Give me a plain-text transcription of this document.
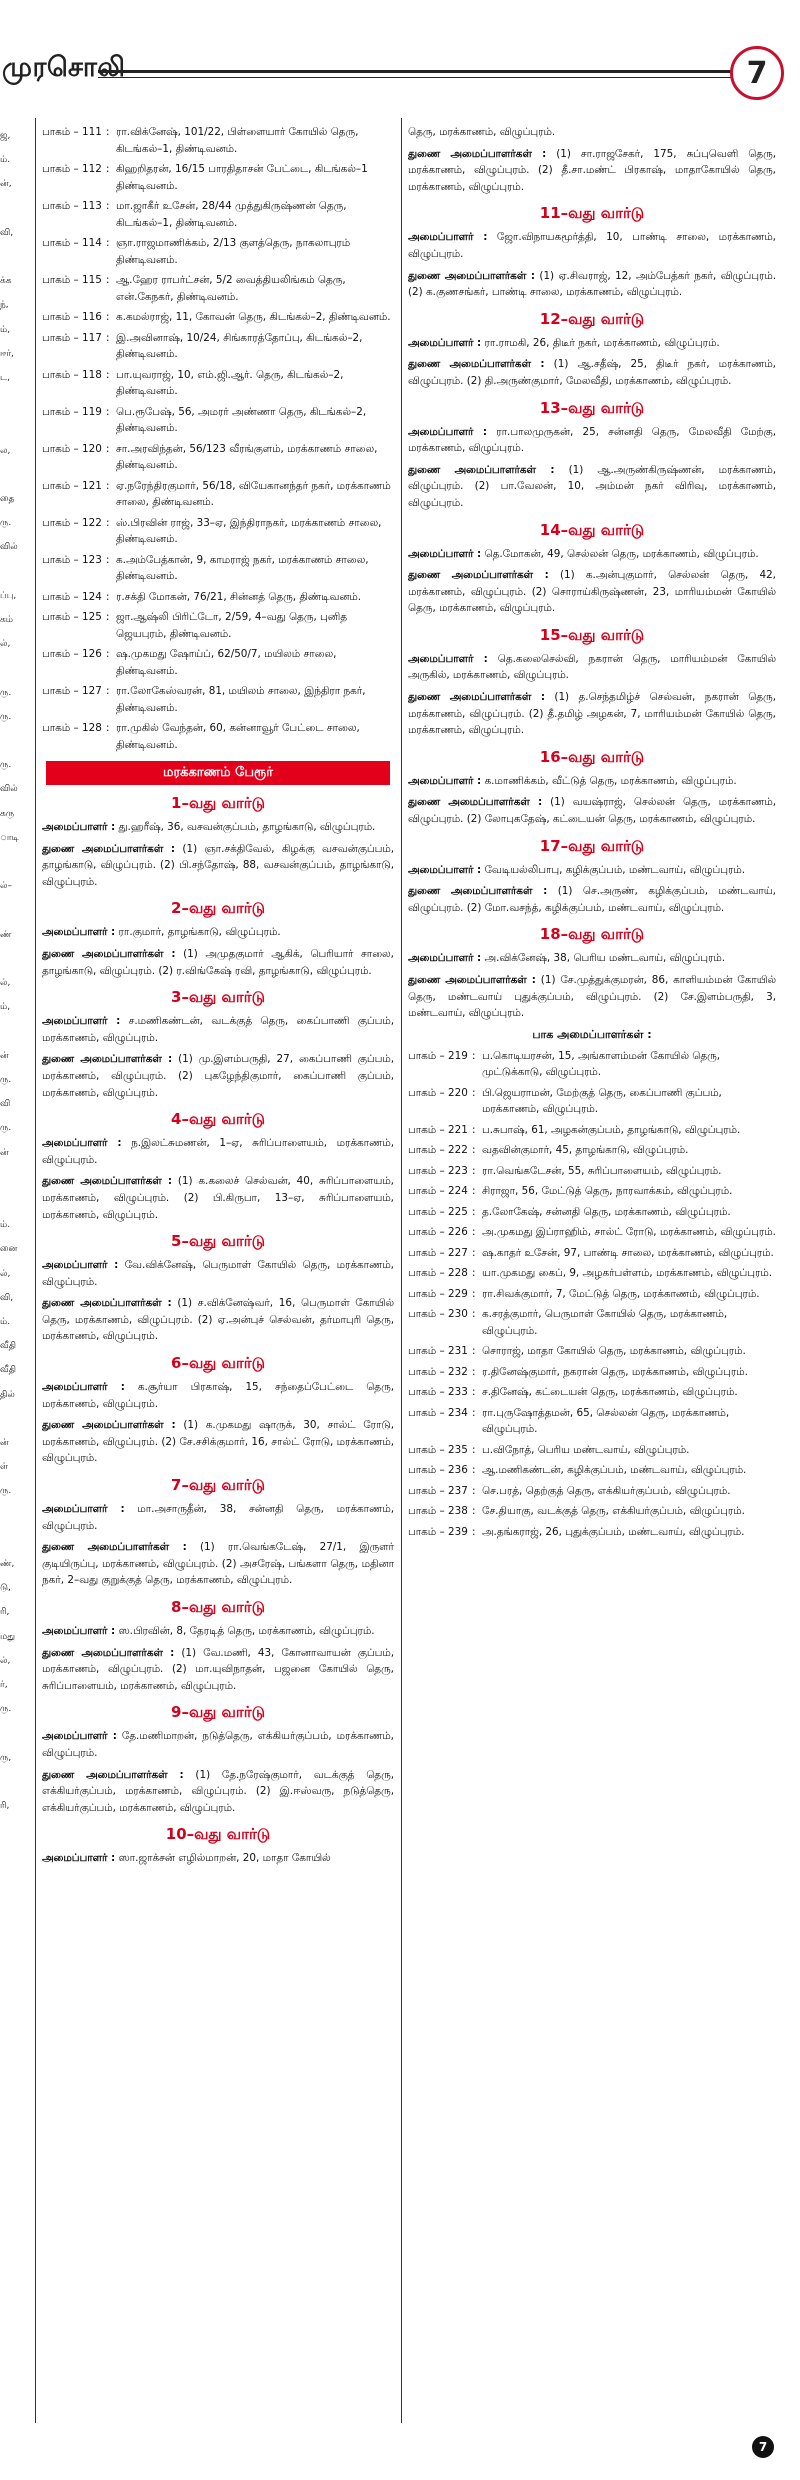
முரசொலி	7
ஜ,
ம்.
ன்,

வி,

க்க
ந்,
ம்,
ஈர்,
ட,

ல,

தை
ரு.
வில்

ப்பு,
கம்
ல்,

ரு.
ரு.

ரு.
வில்
கரு
ாடி

ல்–

ண்

ல்,
ம்,

ன்
ரு.
வி
ரு.
ன்

ம்.
னை
ல்,
வி,
ம்.
வீதி
வீதி
தில்

ன்
ள்
ரு.

ண்,
டு,
ரி,
மது
ல்,
ர்,
ரு.

ரு,

ரி,
பாகம் – 111 : ரா.விக்னேஷ், 101/22, பிள்ளையார் கோயில் தெரு, கிடங்கல்–1, திண்டிவனம்.
பாகம் – 112 : கிஹறிதரன், 16/15 பாரதிதாசன் பேட்டை, கிடங்கல்–1 திண்டிவனம்.
பாகம் – 113 : மா.ஜாகீர் உசேன், 28/44 முத்துகிருஷ்ணன் தெரு, கிடங்கல்–1, திண்டிவனம்.
பாகம் – 114 : ஞா.ராஜமாணிக்கம், 2/13 குளத்தெரு, நாகலாபுரம் திண்டிவனம்.
பாகம் – 115 : ஆ.ஹேர ராபர்ட்சன், 5/2 வைத்தியலிங்கம் தெரு, என்.கேநகர், திண்டிவனம்.
பாகம் – 116 : க.கமல்ராஜ், 11, கோவன் தெரு, கிடங்கல்–2, திண்டிவனம்.
பாகம் – 117 : இ.அவினாஷ், 10/24, சிங்காரத்தோப்பு, கிடங்கல்–2, திண்டிவனம்.
பாகம் – 118 : பா.யுவராஜ், 10, எம்.ஜி.ஆர். தெரு, கிடங்கல்–2, திண்டிவனம்.
பாகம் – 119 : பெ.ரூபேஷ், 56, அமரர் அண்ணா தெரு, கிடங்கல்–2, திண்டிவனம்.
பாகம் – 120 : சா.அரவிந்தன், 56/123 வீரங்குளம், மரக்காணம் சாலை, திண்டிவனம்.
பாகம் – 121 : ஏ.நரேந்திரகுமார், 56/18, வியேகானந்தர் நகர், மரக்காணம் சாலை, திண்டிவனம்.
பாகம் – 122 : ஸ்.பிரவின் ராஜ், 33–ஏ, இந்திராநகர், மரக்காணம் சாலை, திண்டிவனம்.
பாகம் – 123 : க.அம்பேத்கான், 9, காமராஜ் நகர், மரக்காணம் சாலை, திண்டிவனம்.
பாகம் – 124 : ர.சக்தி மோகன், 76/21, சின்னத் தெரு, திண்டிவனம்.
பாகம் – 125 : ஜா.ஆஷ்லி பிரிட்டோ, 2/59, 4–வது தெரு, புனித ஜெயபுரம், திண்டிவனம்.
பாகம் – 126 : ஷ.முகமது ஷோய்ப், 62/50/7, மயிலம் சாலை, திண்டிவனம்.
பாகம் – 127 : ரா.லோகேஸ்வரன், 81, மயிலம் சாலை, இந்திரா நகர், திண்டிவனம்.
பாகம் – 128 : ரா.முகில் வேந்தன், 60, கன்னாவூர் பேட்டை சாலை, திண்டிவனம்.
மரக்காணம் பேரூர்
1–வது வார்டு

அமைப்பாளர் : து.ஹரீஷ், 36, வசவன்குப்பம், தாழங்காடு, விழுப்புரம்.

துணை அமைப்பாளர்கள் : (1) ஞா.சக்திவேல், கிழக்கு வசவன்குப்பம், தாழங்காடு, விழுப்புரம். (2) பி.சந்தோஷ், 88, வசவன்குப்பம், தாழங்காடு, விழுப்புரம்.

2–வது வார்டு

அமைப்பாளர் : ரா.குமார், தாழங்காடு, விழுப்புரம்.

துணை அமைப்பாளர்கள் : (1) அமுதகுமார் ஆகிக், பெரியார் சாலை, தாழங்காடு, விழுப்புரம். (2) ர.விங்கேஷ் ரவி, தாழங்காடு, விழுப்புரம்.

3–வது வார்டு

அமைப்பாளர் : ச.மணிகண்டன், வடக்குத் தெரு, கைப்பாணி குப்பம், மரக்காணம், விழுப்புரம்.

துணை அமைப்பாளர்கள் : (1) மு.இளம்பருதி, 27, கைப்பாணி குப்பம், மரக்காணம், விழுப்புரம். (2) புகழேந்திகுமார், கைப்பாணி குப்பம், மரக்காணம், விழுப்புரம்.

4–வது வார்டு

அமைப்பாளர் : ந.இலட்சுமணன், 1–ஏ, சுரிப்பாளையம், மரக்காணம், விழுப்புரம்.

துணை அமைப்பாளர்கள் : (1) க.கலைச் செல்வன், 40, சுரிப்பாளையம், மரக்காணம், விழுப்புரம். (2) பி.கிருபா, 13–ஏ, சுரிப்பாளையம், மரக்காணம், விழுப்புரம்.

5–வது வார்டு

அமைப்பாளர் : வே.விக்னேஷ், பெருமாள் கோயில் தெரு, மரக்காணம், விழுப்புரம்.

துணை அமைப்பாளர்கள் : (1) ச.விக்னேஷ்வர், 16, பெருமாள் கோயில் தெரு, மரக்காணம், விழுப்புரம். (2) ஏ.அன்புச் செல்வன், தர்மாபுரி தெரு, மரக்காணம், விழுப்புரம்.

6–வது வார்டு

அமைப்பாளர் : க.சூர்யா பிரகாஷ், 15, சந்தைப்பேட்டை தெரு, மரக்காணம், விழுப்புரம்.

துணை அமைப்பாளர்கள் : (1) க.முகமது ஷாருக், 30, சால்ட் ரோடு, மரக்காணம், விழுப்புரம். (2) சே.சசிக்குமார், 16, சால்ட் ரோடு, மரக்காணம், விழுப்புரம்.

7–வது வார்டு

அமைப்பாளர் : மா.அசாருதீன், 38, சன்னதி தெரு, மரக்காணம், விழுப்புரம்.

துணை அமைப்பாளர்கள் : (1) ரா.வெங்கடேஷ், 27/1, இருளர் குடியிருப்பு, மரக்காணம், விழுப்புரம். (2) அசரேஷ், பங்களா தெரு, மதினா நகர், 2–வது குறுக்குத் தெரு, மரக்காணம், விழுப்புரம்.

8–வது வார்டு

அமைப்பாளர் : ஸ.பிரவின், 8, தேரடித் தெரு, மரக்காணம், விழுப்புரம்.

துணை அமைப்பாளர்கள் : (1) வே.மணி, 43, கோனாவாயன் குப்பம், மரக்காணம், விழுப்புரம். (2) மா.யுவிநாதன், பஜனை கோயில் தெரு, சுரிப்பாளையம், மரக்காணம், விழுப்புரம்.

9–வது வார்டு

அமைப்பாளர் : தே.மணிமாறன், நடுத்தெரு, எக்கியர்குப்பம், மரக்காணம், விழுப்புரம்.

துணை அமைப்பாளர்கள் : (1) தே.நரேஷ்குமார், வடக்குத் தெரு, எக்கியர்குப்பம், மரக்காணம், விழுப்புரம். (2) இ.ஈஸ்வரு, நடுத்தெரு, எக்கியர்குப்பம், மரக்காணம், விழுப்புரம்.

10–வது வார்டு

அமைப்பாளர் : ஸா.ஜாக்சன் எழில்மாறன், 20, மாதா கோயில்

தெரு, மரக்காணம், விழுப்புரம்.

துணை அமைப்பாளர்கள் : (1) சா.ராஜசேகர், 175, சுப்புவெளி தெரு, மரக்காணம், விழுப்புரம். (2) தீ.சா.மண்ட் பிரகாஷ், மாதாகோயில் தெரு, மரக்காணம், விழுப்புரம்.

11–வது வார்டு

அமைப்பாளர் : ஜோ.விநாயகமூர்த்தி, 10, பாண்டி சாலை, மரக்காணம், விழுப்புரம்.

துணை அமைப்பாளர்கள் : (1) ஏ.சிவராஜ், 12, அம்பேத்கர் நகர், விழுப்புரம். (2) க.குணசங்கர், பாண்டி சாலை, மரக்காணம், விழுப்புரம்.

12–வது வார்டு

அமைப்பாளர் : ரா.ராமகி, 26, திடீர் நகர், மரக்காணம், விழுப்புரம்.

துணை அமைப்பாளர்கள் : (1) ஆ.சதீஷ், 25, திடீர் நகர், மரக்காணம், விழுப்புரம். (2) தி.அருண்குமார், மேலவீதி, மரக்காணம், விழுப்புரம்.

13–வது வார்டு

அமைப்பாளர் : ரா.பாலமுருகன், 25, சன்னதி தெரு, மேலவீதி மேற்கு, மரக்காணம், விழுப்புரம்.

துணை அமைப்பாளர்கள் : (1) ஆ.அருண்கிருஷ்ணன், மரக்காணம், விழுப்புரம். (2) பா.வேலன், 10, அம்மன் நகர் விரிவு, மரக்காணம், விழுப்புரம்.

14–வது வார்டு

அமைப்பாளர் : தெ.மோகன், 49, செல்லன் தெரு, மரக்காணம், விழுப்புரம்.

துணை அமைப்பாளர்கள் : (1) க.அன்புகுமார், செல்லன் தெரு, 42, மரக்காணம், விழுப்புரம். (2) சொராய்கிருஷ்ணன், 23, மாரியம்மன் கோயில் தெரு, மரக்காணம், விழுப்புரம்.

15–வது வார்டு

அமைப்பாளர் : தெ.கலைசெல்வி, நகரான் தெரு, மாரியம்மன் கோயில் அருகில், மரக்காணம், விழுப்புரம்.

துணை அமைப்பாளர்கள் : (1) த.செந்தமிழ்ச் செல்வன், நகரான் தெரு, மரக்காணம், விழுப்புரம். (2) தீ.தமிழ் அழகன், 7, மாரியம்மன் கோயில் தெரு, மரக்காணம், விழுப்புரம்.

16–வது வார்டு

அமைப்பாளர் : க.மாணிக்கம், வீட்டுத் தெரு, மரக்காணம், விழுப்புரம்.

துணை அமைப்பாளர்கள் : (1) வயஷ்ராஜ், செல்லன் தெரு, மரக்காணம், விழுப்புரம். (2) லோபுகதேஷ், கட்டையன் தெரு, மரக்காணம், விழுப்புரம்.

17–வது வார்டு

அமைப்பாளர் : வேடியல்லிபாபு, கழிக்குப்பம், மண்டவாய், விழுப்புரம்.

துணை அமைப்பாளர்கள் : (1) செ.அருண், கழிக்குப்பம், மண்டவாய், விழுப்புரம். (2) மோ.வசந்த், கழிக்குப்பம், மண்டவாய், விழுப்புரம்.

18–வது வார்டு

அமைப்பாளர் : அ.விக்னேஷ், 38, பெரிய மண்டவாய், விழுப்புரம்.

துணை அமைப்பாளர்கள் : (1) சே.முத்துக்குமரன், 86, காளியம்மன் கோயில் தெரு, மண்டவாய் புதுக்குப்பம், விழுப்புரம். (2) சே.இளம்பருதி, 3, மண்டவாய், விழுப்புரம்.

பாக அமைப்பாளர்கள் :
பாகம் – 219 : ப.கொடியரசன், 15, அங்காளம்மன் கோயில் தெரு, முட்டுக்காடு, விழுப்புரம்.
பாகம் – 220 : பி.ஜெயராமன், மேற்குத் தெரு, கைப்பாணி குப்பம், மரக்காணம், விழுப்புரம்.
பாகம் – 221 : ப.சுபாஷ், 61, அழகன்குப்பம், தாழங்காடு, விழுப்புரம்.
பாகம் – 222 : வதவின்குமார், 45, தாழங்காடு, விழுப்புரம்.
பாகம் – 223 : ரா.வெங்கடேசன், 55, சுரிப்பாளையம், விழுப்புரம்.
பாகம் – 224 : சிராஜா, 56, மேட்டுத் தெரு, நாரவாக்கம், விழுப்புரம்.
பாகம் – 225 : த.லோகேஷ், சன்னதி தெரு, மரக்காணம், விழுப்புரம்.
பாகம் – 226 : அ.முகமது இப்ராஹிம், சால்ட் ரோடு, மரக்காணம், விழுப்புரம்.
பாகம் – 227 : ஷ.காதர் உசேன், 97, பாண்டி சாலை, மரக்காணம், விழுப்புரம்.
பாகம் – 228 : யா.முகமது கைப், 9, அழகர்பள்ளம், மரக்காணம், விழுப்புரம்.
பாகம் – 229 : ரா.சிவக்குமார், 7, மேட்டுத் தெரு, மரக்காணம், விழுப்புரம்.
பாகம் – 230 : க.சரத்குமார், பெருமாள் கோயில் தெரு, மரக்காணம், விழுப்புரம்.
பாகம் – 231 : சொராஜ், மாதா கோயில் தெரு, மரக்காணம், விழுப்புரம்.
பாகம் – 232 : ர.தினேஷ்குமார், நகரான் தெரு, மரக்காணம், விழுப்புரம்.
பாகம் – 233 : ச.தினேஷ், கட்டையன் தெரு, மரக்காணம், விழுப்புரம்.
பாகம் – 234 : ரா.புருஷோத்தமன், 65, செல்லன் தெரு, மரக்காணம், விழுப்புரம்.
பாகம் – 235 : ப.விநோத், பெரிய மண்டவாய், விழுப்புரம்.
பாகம் – 236 : ஆ.மணிகண்டன், கழிக்குப்பம், மண்டவாய், விழுப்புரம்.
பாகம் – 237 : செ.பரத், தெற்குத் தெரு, எக்கியர்குப்பம், விழுப்புரம்.
பாகம் – 238 : சே.தியாகு, வடக்குத் தெரு, எக்கியர்குப்பம், விழுப்புரம்.
பாகம் – 239 : அ.தங்கராஜ், 26, புதுக்குப்பம், மண்டவாய், விழுப்புரம்.
7
